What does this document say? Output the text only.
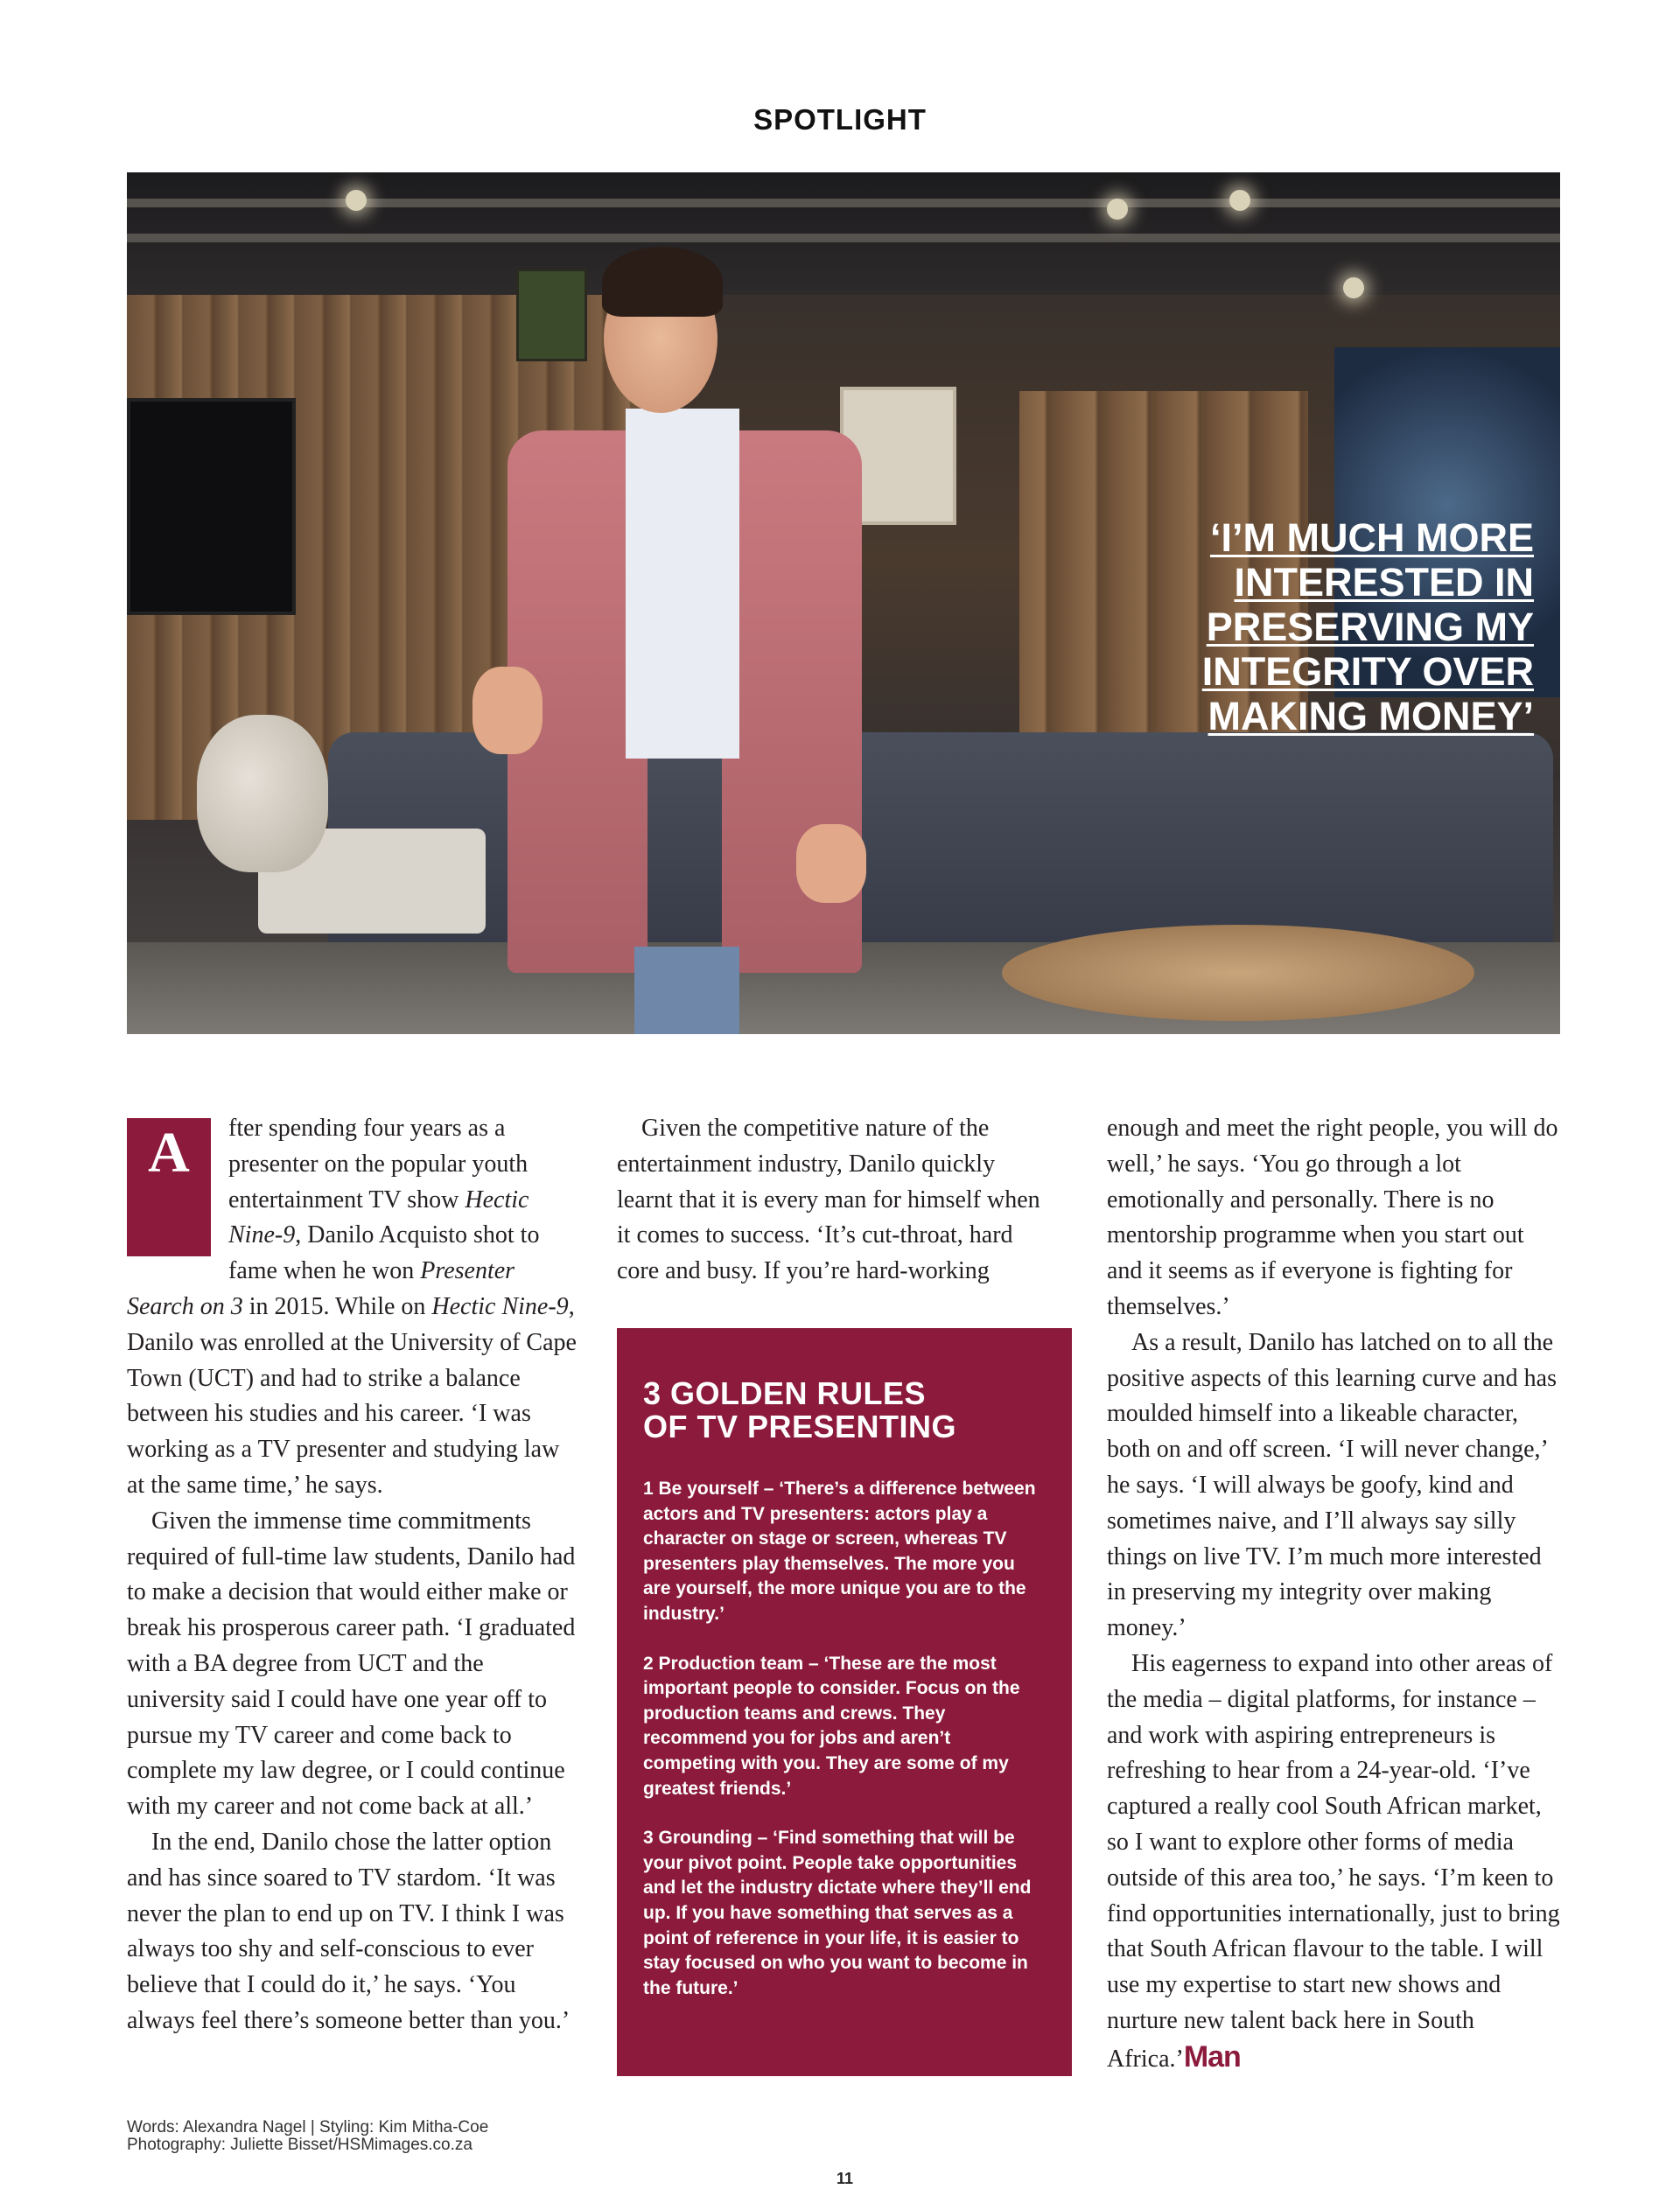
SPOTLIGHT
‘I’M MUCH MORE
INTERESTED IN
PRESERVING MY
INTEGRITY OVER
MAKING MONEY’
A	fter spending four years as a presenter on the popular youth entertainment TV show Hectic Nine-9, Danilo Acquisto shot to fame when he won Presenter Search on 3 in 2015. While on Hectic Nine-9, Danilo was enrolled at the University of Cape Town (UCT) and had to strike a balance between his studies and his career. ‘I was working as a TV presenter and studying law at the same time,’ he says.

Given the immense time commitments required of full-time law students, Danilo had to make a decision that would either make or break his prosperous career path. ‘I graduated with a BA degree from UCT and the university said I could have one year off to pursue my TV career and come back to complete my law degree, or I could continue with my career and not come back at all.’

In the end, Danilo chose the latter option and has since soared to TV stardom. ‘It was never the plan to end up on TV. I think I was always too shy and self-conscious to ever believe that I could do it,’ he says. ‘You always feel there’s someone better than you.’

Given the competitive nature of the entertainment industry, Danilo quickly learnt that it is every man for himself when it comes to success. ‘It’s cut-throat, hard core and busy. If you’re hard-working

3 GOLDEN RULES
OF TV PRESENTING

1 Be yourself – ‘There’s a difference between actors and TV presenters: actors play a character on stage or screen, whereas TV presenters play themselves. The more you are yourself, the more unique you are to the industry.’

2 Production team – ‘These are the most important people to consider. Focus on the production teams and crews. They recommend you for jobs and aren’t competing with you. They are some of my greatest friends.’

3 Grounding – ‘Find something that will be your pivot point. People take opportunities and let the industry dictate where they’ll end up. If you have something that serves as a point of reference in your life, it is easier to stay focused on who you want to become in the future.’

enough and meet the right people, you will do well,’ he says. ‘You go through a lot emotionally and personally. There is no mentorship programme when you start out and it seems as if everyone is fighting for themselves.’

As a result, Danilo has latched on to all the positive aspects of this learning curve and has moulded himself into a likeable character, both on and off screen. ‘I will never change,’ he says. ‘I will always be goofy, kind and sometimes naive, and I’ll always say silly things on live TV. I’m much more interested in preserving my integrity over making money.’

His eagerness to expand into other areas of the media – digital platforms, for instance – and work with aspiring entrepreneurs is refreshing to hear from a 24-year-old. ‘I’ve captured a really cool South African market, so I want to explore other forms of media outside of this area too,’ he says. ‘I’m keen to find opportunities internationally, just to bring that South African flavour to the table. I will use my expertise to start new shows and nurture new talent back here in South Africa.’Man

Words: Alexandra Nagel | Styling: Kim Mitha-Coe
Photography: Juliette Bisset/HSMimages.co.za
11
